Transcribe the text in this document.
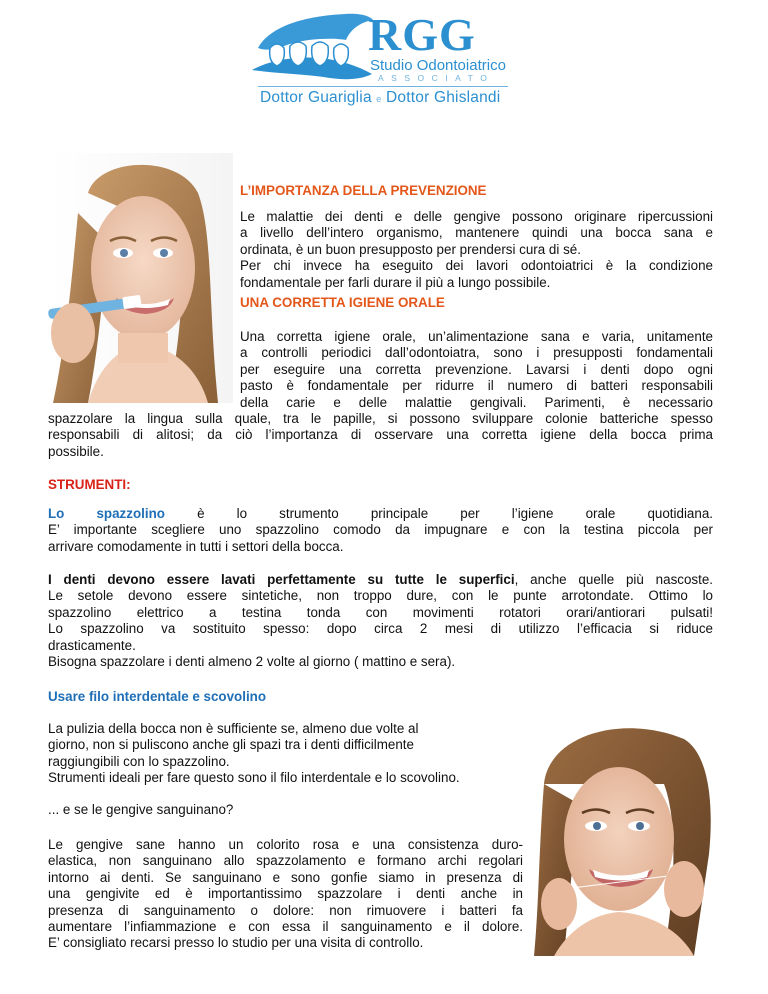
RGG
Studio Odontoiatrico
ASSOCIATO
Dottor Guariglia e Dottor Ghislandi
L’IMPORTANZA DELLA PREVENZIONE
Le malattie dei denti e delle gengive possono originare ripercussioni
a livello dell’intero organismo, mantenere quindi una bocca sana e
ordinata, è un buon presupposto per prendersi cura di sé.
Per chi invece ha eseguito dei lavori odontoiatrici è la condizione
fondamentale per farli durare il più a lungo possibile.
UNA CORRETTA IGIENE ORALE
Una corretta igiene orale, un’alimentazione sana e varia, unitamente
a controlli periodici dall’odontoiatra, sono i presupposti fondamentali
per eseguire una corretta prevenzione. Lavarsi i denti dopo ogni
pasto è fondamentale per ridurre il numero di batteri responsabili
della carie e delle malattie gengivali. Parimenti, è necessario
spazzolare la lingua sulla quale, tra le papille, si possono sviluppare colonie batteriche spesso
responsabili di alitosi; da ciò l’importanza di osservare una corretta igiene della bocca prima
possibile.
STRUMENTI:
Lo spazzolino è lo strumento principale per l’igiene orale quotidiana.
E’ importante scegliere uno spazzolino comodo da impugnare e con la testina piccola per
arrivare comodamente in tutti i settori della bocca.
I denti devono essere lavati perfettamente su tutte le superfici, anche quelle più nascoste.
Le setole devono essere sintetiche, non troppo dure, con le punte arrotondate. Ottimo lo
spazzolino elettrico a testina tonda con movimenti rotatori orari/antiorari pulsati!
Lo spazzolino va sostituito spesso: dopo circa 2 mesi di utilizzo l’efficacia si riduce
drasticamente.
Bisogna spazzolare i denti almeno 2 volte al giorno ( mattino e sera).
Usare filo interdentale e scovolino
La pulizia della bocca non è sufficiente se, almeno due volte al
giorno, non si puliscono anche gli spazi tra i denti difficilmente
raggiungibili con lo spazzolino.
Strumenti ideali per fare questo sono il filo interdentale e lo scovolino.
... e se le gengive sanguinano?
Le gengive sane hanno un colorito rosa e una consistenza duro-
elastica, non sanguinano allo spazzolamento e formano archi regolari
intorno ai denti. Se sanguinano e sono gonfie siamo in presenza di
una gengivite ed è importantissimo spazzolare i denti anche in
presenza di sanguinamento o dolore: non rimuovere i batteri fa
aumentare l’infiammazione e con essa il sanguinamento e il dolore.
E’ consigliato recarsi presso lo studio per una visita di controllo.
